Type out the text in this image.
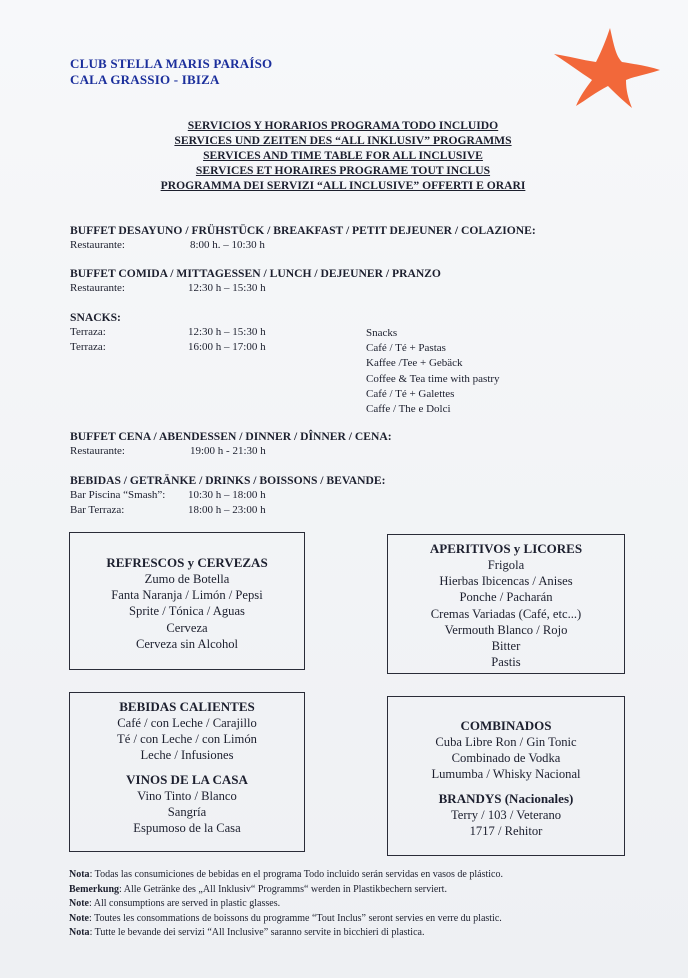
CLUB STELLA MARIS PARAÍSO
CALA GRASSIO - IBIZA
SERVICIOS Y HORARIOS PROGRAMA TODO INCLUIDO
SERVICES UND ZEITEN DES “ALL INKLUSIV” PROGRAMMS
SERVICES AND TIME TABLE FOR ALL INCLUSIVE
SERVICES ET HORAIRES PROGRAME TOUT INCLUS
PROGRAMMA DEI SERVIZI “ALL INCLUSIVE” OFFERTI E ORARI
BUFFET DESAYUNO / FRÜHSTÜCK / BREAKFAST / PETIT DEJEUNER / COLAZIONE:
Restaurante:	8:00 h. – 10:30 h
BUFFET COMIDA / MITTAGESSEN / LUNCH / DEJEUNER / PRANZO
Restaurante:	12:30 h – 15:30 h
SNACKS:
Terraza:	12:30 h – 15:30 h
Terraza:	16:00 h – 17:00 h
Snacks
Café / Té + Pastas
Kaffee /Tee + Gebäck
Coffee & Tea time with pastry
Café / Té + Galettes
Caffe / The e Dolci
BUFFET CENA / ABENDESSEN / DINNER / DÎNNER / CENA:
Restaurante:	19:00 h - 21:30 h
BEBIDAS / GETRÄNKE / DRINKS / BOISSONS / BEVANDE:
Bar Piscina “Smash”: 10:30 h – 18:00 h
Bar Terraza:	18:00 h – 23:00 h
REFRESCOS y CERVEZAS
Zumo de Botella
Fanta Naranja / Limón / Pepsi
Sprite / Tónica / Aguas
Cerveza
Cerveza sin Alcohol
APERITIVOS y LICORES
Frigola
Hierbas Ibicencas / Anises
Ponche / Pacharán
Cremas Variadas (Café, etc...)
Vermouth Blanco / Rojo
Bitter
Pastis
BEBIDAS CALIENTES
Café / con Leche / Carajillo
Té / con Leche / con Limón
Leche / Infusiones
VINOS DE LA CASA
Vino Tinto / Blanco
Sangría
Espumoso de la Casa
COMBINADOS
Cuba Libre Ron / Gin Tonic
Combinado de Vodka
Lumumba / Whisky Nacional
BRANDYS (Nacionales)
Terry / 103 / Veterano
1717 / Rehitor
Nota: Todas las consumiciones de bebidas en el programa Todo incluido serán servidas en vasos de plástico.
Bemerkung: Alle Getränke des „All Inklusiv“ Programms“ werden in Plastikbechern serviert.
Note: All consumptions are served in plastic glasses.
Note: Toutes les consommations de boissons du programme “Tout Inclus” seront servies en verre du plastic.
Nota: Tutte le bevande dei servizi “All Inclusive” saranno servite in bicchieri di plastica.
